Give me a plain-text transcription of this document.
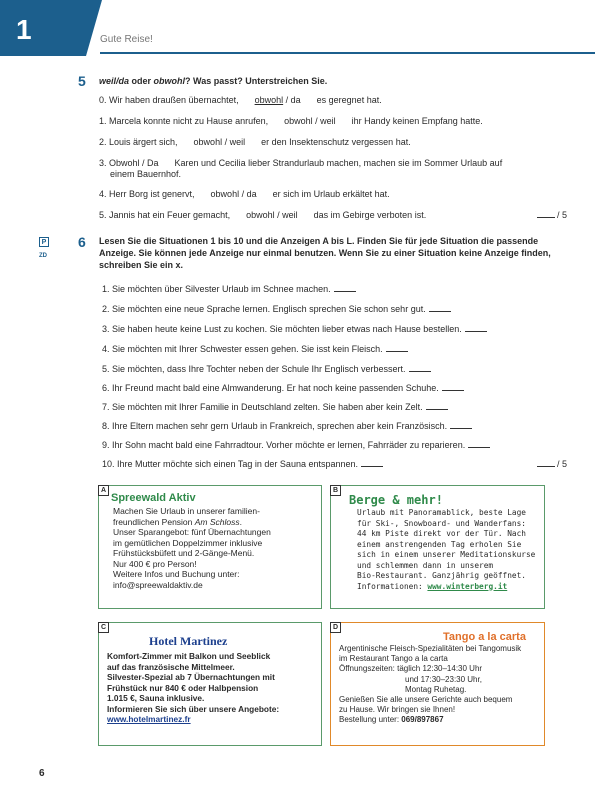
1	Gute Reise!
5 weil/da oder obwohl? Was passt? Unterstreichen Sie.
0. Wir haben draußen übernachtet, obwohl / da es geregnet hat.
1. Marcela konnte nicht zu Hause anrufen, obwohl / weil ihr Handy keinen Empfang hatte.
2. Louis ärgert sich, obwohl / weil er den Insektenschutz vergessen hat.
3. Obwohl / Da Karen und Cecilia lieber Strandurlaub machen, machen sie im Sommer Urlaub auf
einem Bauernhof.
4. Herr Borg ist genervt, obwohl / da er sich im Urlaub erkältet hat.
5. Jannis hat ein Feuer gemacht, obwohl / weil das im Gebirge verboten ist.	/ 5
P
ZD
6 Lesen Sie die Situationen 1 bis 10 und die Anzeigen A bis L. Finden Sie für jede Situation die passende Anzeige. Sie können jede Anzeige nur einmal benutzen. Wenn Sie zu einer Situation keine Anzeige finden, schreiben Sie ein x.
1. Sie möchten über Silvester Urlaub im Schnee machen.
2. Sie möchten eine neue Sprache lernen. Englisch sprechen Sie schon sehr gut.
3. Sie haben heute keine Lust zu kochen. Sie möchten lieber etwas nach Hause bestellen.
4. Sie möchten mit Ihrer Schwester essen gehen. Sie isst kein Fleisch.
5. Sie möchten, dass Ihre Tochter neben der Schule Ihr Englisch verbessert.
6. Ihr Freund macht bald eine Almwanderung. Er hat noch keine passenden Schuhe.
7. Sie möchten mit Ihrer Familie in Deutschland zelten. Sie haben aber kein Zelt.
8. Ihre Eltern machen sehr gern Urlaub in Frankreich, sprechen aber kein Französisch.
9. Ihr Sohn macht bald eine Fahrradtour. Vorher möchte er lernen, Fahrräder zu reparieren.
10. Ihre Mutter möchte sich einen Tag in der Sauna entspannen.	/ 5
A
Spreewald Aktiv
Machen Sie Urlaub in unserer familien-
freundlichen Pension Am Schloss.
Unser Sparangebot: fünf Übernachtungen
im gemütlichen Doppelzimmer inklusive
Frühstücksbüfett und 2-Gänge-Menü.
Nur 400 € pro Person!
Weitere Infos und Buchung unter:
info@spreewaldaktiv.de
B
Berge & mehr!
Urlaub mit Panoramablick, beste Lage
für Ski-, Snowboard- und Wanderfans:
44 km Piste direkt vor der Tür. Nach
einem anstrengenden Tag erholen Sie
sich in einem unserer Meditationskurse
und schlemmen dann in unserem
Bio-Restaurant. Ganzjährig geöffnet.
Informationen: www.winterberg.it
C
Hotel Martinez
Komfort-Zimmer mit Balkon und Seeblick
auf das französische Mittelmeer.
Silvester-Spezial ab 7 Übernachtungen mit
Frühstück nur 840 € oder Halbpension
1.015 €, Sauna inklusive.
Informieren Sie sich über unsere Angebote:
www.hotelmartinez.fr
D
Tango a la carta
Argentinische Fleisch-Spezialitäten bei Tangomusik
im Restaurant Tango a la carta
Öffnungszeiten: täglich 12:30–14:30 Uhr
und 17:30–23:30 Uhr,
Montag Ruhetag.
Genießen Sie alle unsere Gerichte auch bequem
zu Hause. Wir bringen sie Ihnen!
Bestellung unter: 069/897867
6
